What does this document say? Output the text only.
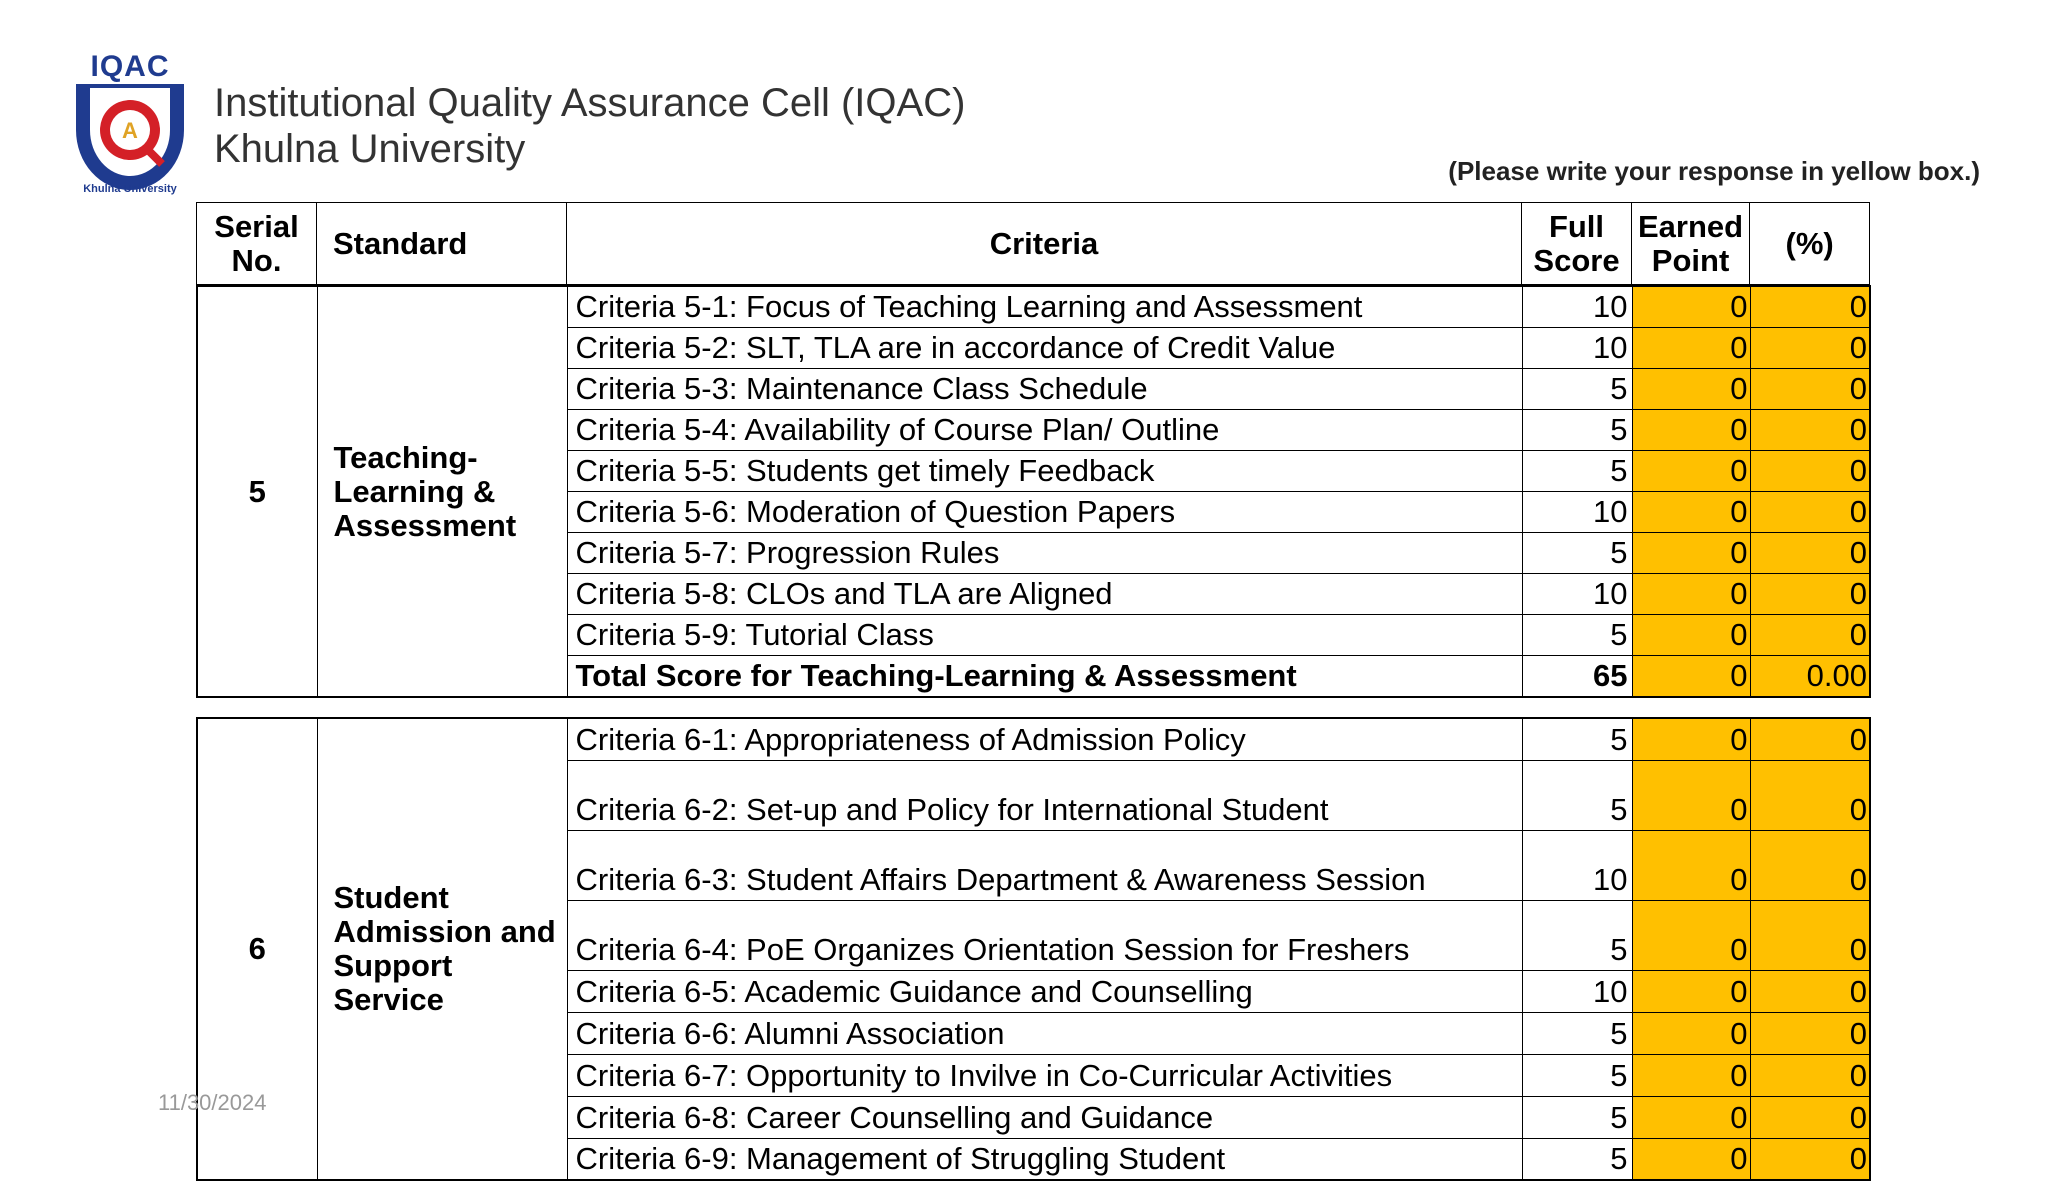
IQAC
A
Khulna University
Institutional Quality Assurance Cell (IQAC)
Khulna University	(Please write your response in yellow box.)
Serial No.	Standard	Criteria	Full Score	Earned Point	(%)
5	Teaching-Learning & Assessment	Criteria 5-1: Focus of Teaching Learning and Assessment	10	0	0
		Criteria 5-2: SLT, TLA are in accordance of Credit Value	10	0	0
		Criteria 5-3: Maintenance Class Schedule	5	0	0
		Criteria 5-4: Availability of Course Plan/ Outline	5	0	0
		Criteria 5-5: Students get timely Feedback	5	0	0
		Criteria 5-6: Moderation of Question Papers	10	0	0
		Criteria 5-7: Progression Rules	5	0	0
		Criteria 5-8: CLOs and TLA are Aligned	10	0	0
		Criteria 5-9: Tutorial Class	5	0	0
		Total Score for Teaching-Learning & Assessment	65	0	0.00
6	Student Admission and Support Service	Criteria 6-1: Appropriateness of Admission Policy	5	0	0
		Criteria 6-2: Set-up and Policy for International Student	5	0	0
		Criteria 6-3: Student Affairs Department & Awareness Session	10	0	0
		Criteria 6-4: PoE Organizes Orientation Session for Freshers	5	0	0
		Criteria 6-5: Academic Guidance and Counselling	10	0	0
		Criteria 6-6: Alumni Association	5	0	0
		Criteria 6-7: Opportunity to Invilve in Co-Curricular Activities	5	0	0
		Criteria 6-8: Career Counselling and Guidance	5	0	0
		Criteria 6-9: Management of Struggling Student	5	0	0
11/30/2024
